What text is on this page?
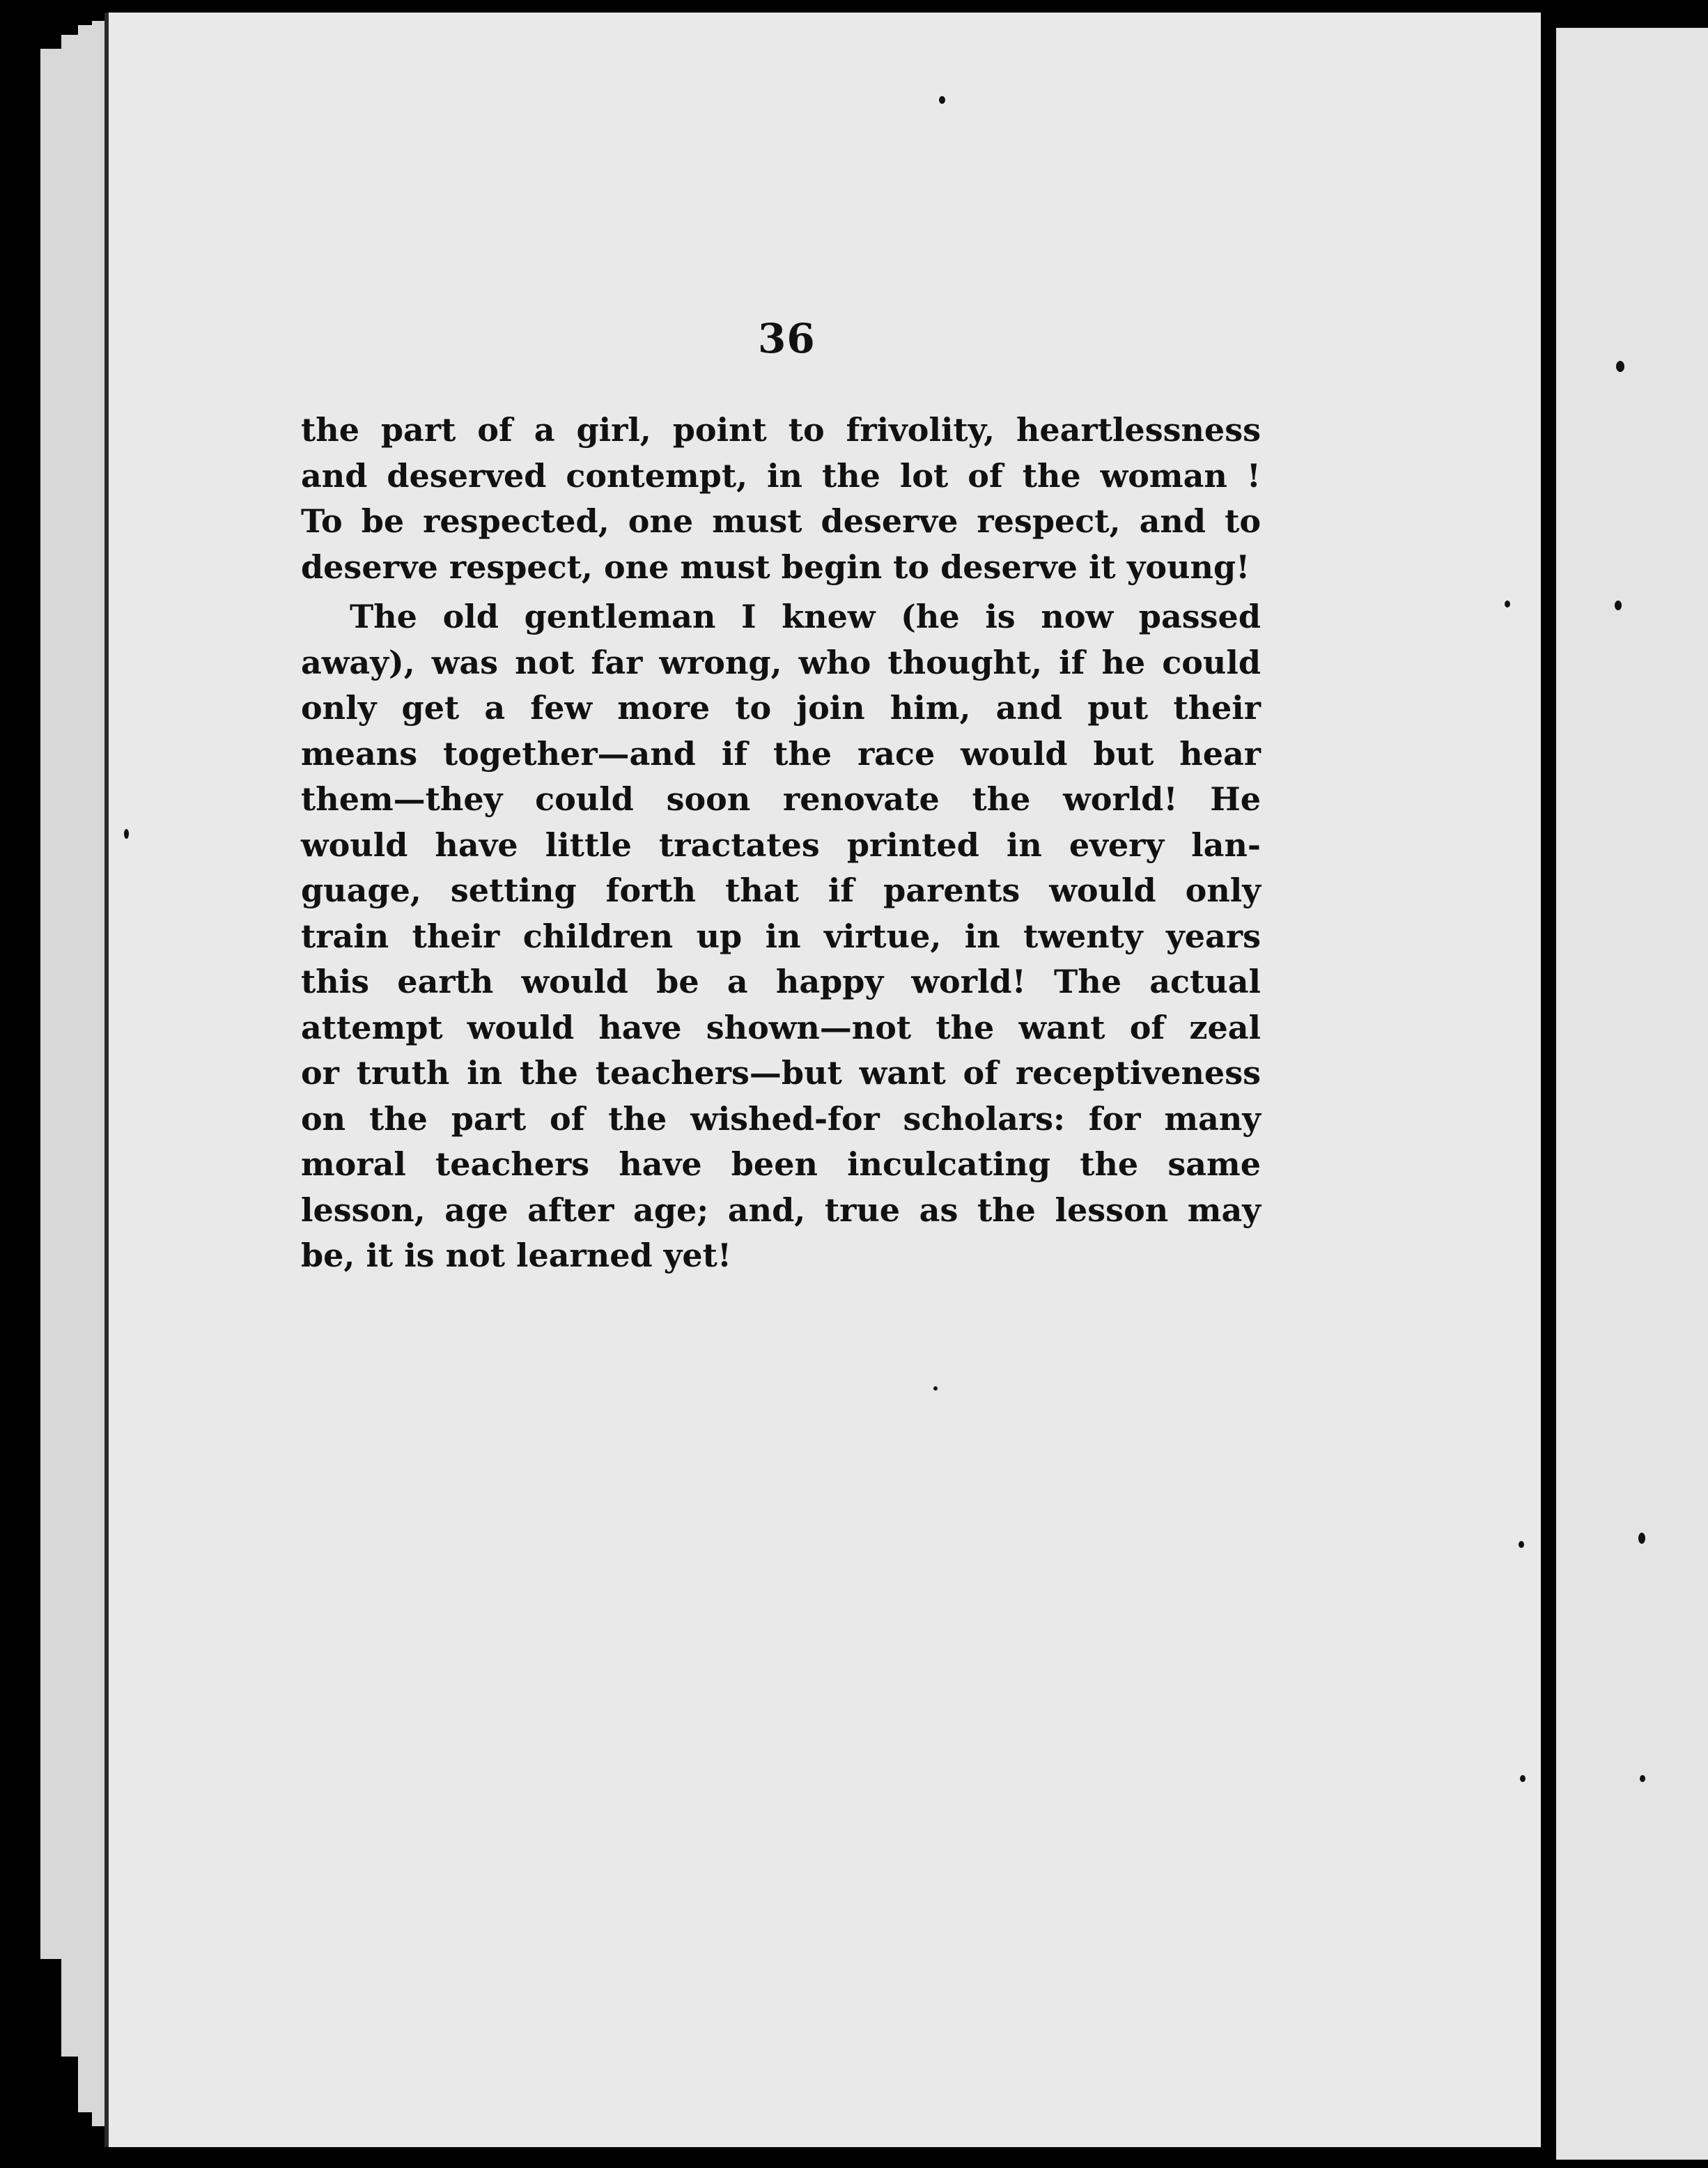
36
the part of a girl, point to frivolity, heartlessness
and deserved contempt, in the lot of the woman !
To be respected, one must deserve respect, and to
deserve respect, one must begin to deserve it young!
The old gentleman I knew (he is now passed
away), was not far wrong, who thought, if he could
only get a few more to join him, and put their
means together—and if the race would but hear
them—they could soon renovate the world! He
would have little tractates printed in every lan-
guage, setting forth that if parents would only
train their children up in virtue, in twenty years
this earth would be a happy world! The actual
attempt would have shown—not the want of zeal
or truth in the teachers—but want of receptiveness
on the part of the wished-for scholars: for many
moral teachers have been inculcating the same
lesson, age after age; and, true as the lesson may
be, it is not learned yet!
